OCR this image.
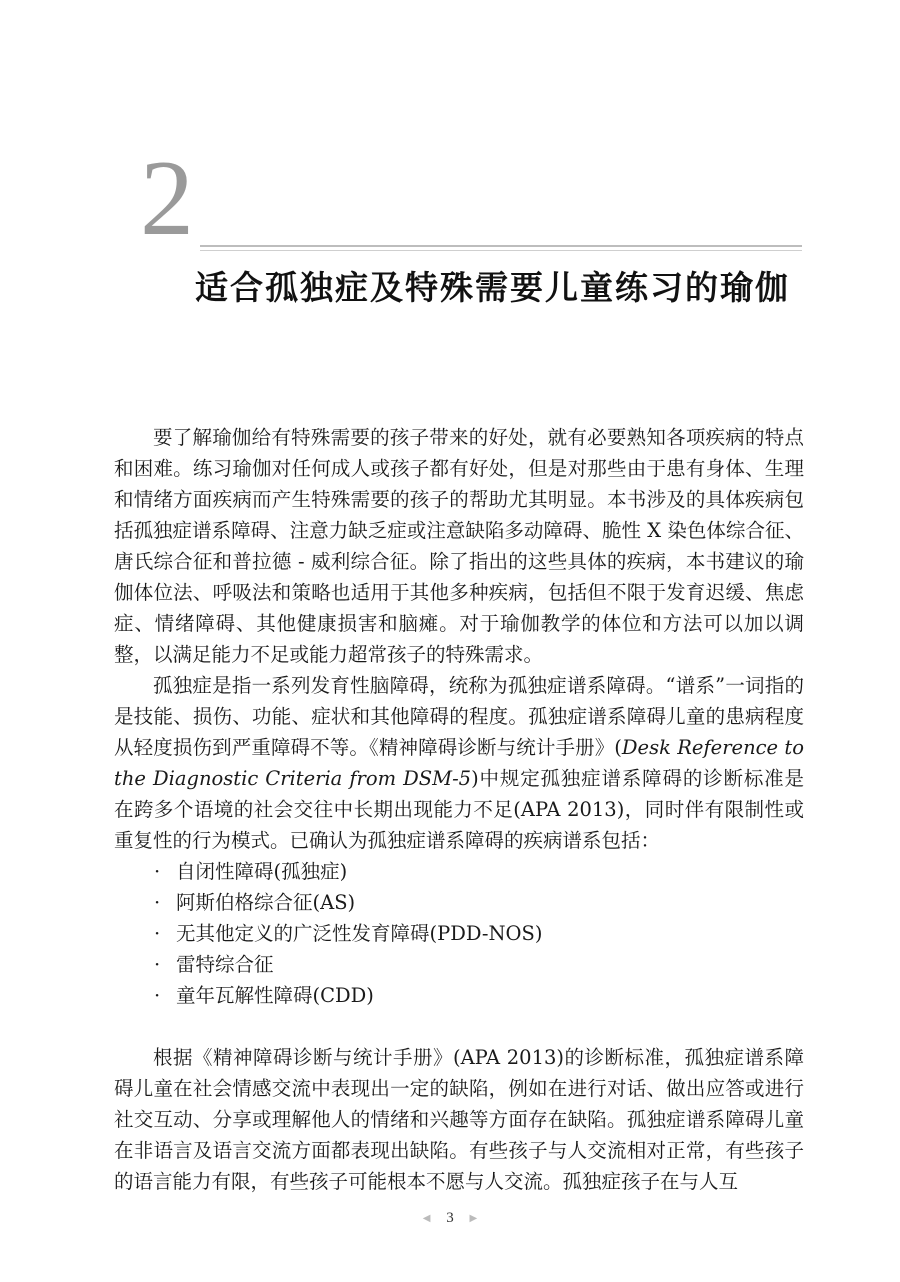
2
适合孤独症及特殊需要儿童练习的瑜伽

要了解瑜伽给有特殊需要的孩子带来的好处，就有必要熟知各项疾病的特点和困难。练习瑜伽对任何成人或孩子都有好处，但是对那些由于患有身体、生理和情绪方面疾病而产生特殊需要的孩子的帮助尤其明显。本书涉及的具体疾病包括孤独症谱系障碍、注意力缺乏症或注意缺陷多动障碍、脆性 X 染色体综合征、唐氏综合征和普拉德 - 威利综合征。除了指出的这些具体的疾病，本书建议的瑜伽体位法、呼吸法和策略也适用于其他多种疾病，包括但不限于发育迟缓、焦虑症、情绪障碍、其他健康损害和脑瘫。对于瑜伽教学的体位和方法可以加以调整，以满足能力不足或能力超常孩子的特殊需求。

孤独症是指一系列发育性脑障碍，统称为孤独症谱系障碍。“谱系”一词指的是技能、损伤、功能、症状和其他障碍的程度。孤独症谱系障碍儿童的患病程度从轻度损伤到严重障碍不等。《精神障碍诊断与统计手册》(Desk Reference to the Diagnostic Criteria from DSM-5)中规定孤独症谱系障碍的诊断标准是在跨多个语境的社会交往中长期出现能力不足(APA 2013)，同时伴有限制性或重复性的行为模式。已确认为孤独症谱系障碍的疾病谱系包括：

· 自闭性障碍(孤独症)
· 阿斯伯格综合征(AS)
· 无其他定义的广泛性发育障碍(PDD-NOS)
· 雷特综合征
· 童年瓦解性障碍(CDD)

根据《精神障碍诊断与统计手册》(APA 2013)的诊断标准，孤独症谱系障碍儿童在社会情感交流中表现出一定的缺陷，例如在进行对话、做出应答或进行社交互动、分享或理解他人的情绪和兴趣等方面存在缺陷。孤独症谱系障碍儿童在非语言及语言交流方面都表现出缺陷。有些孩子与人交流相对正常，有些孩子的语言能力有限，有些孩子可能根本不愿与人交流。孤独症孩子在与人互

◀ 3 ▶
